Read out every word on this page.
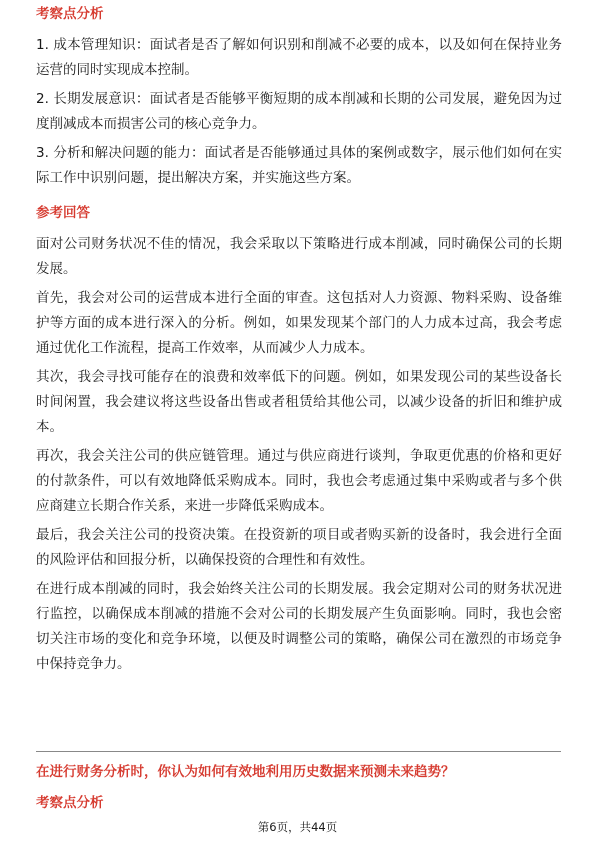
考察点分析

1. 成本管理知识：面试者是否了解如何识别和削减不必要的成本，以及如何在保持业务运营的同时实现成本控制。

2. 长期发展意识：面试者是否能够平衡短期的成本削减和长期的公司发展，避免因为过度削减成本而损害公司的核心竞争力。

3. 分析和解决问题的能力：面试者是否能够通过具体的案例或数字，展示他们如何在实际工作中识别问题，提出解决方案，并实施这些方案。

参考回答

面对公司财务状况不佳的情况，我会采取以下策略进行成本削减，同时确保公司的长期发展。

首先，我会对公司的运营成本进行全面的审查。这包括对人力资源、物料采购、设备维护等方面的成本进行深入的分析。例如，如果发现某个部门的人力成本过高，我会考虑通过优化工作流程，提高工作效率，从而减少人力成本。

其次，我会寻找可能存在的浪费和效率低下的问题。例如，如果发现公司的某些设备长时间闲置，我会建议将这些设备出售或者租赁给其他公司，以减少设备的折旧和维护成本。

再次，我会关注公司的供应链管理。通过与供应商进行谈判，争取更优惠的价格和更好的付款条件，可以有效地降低采购成本。同时，我也会考虑通过集中采购或者与多个供应商建立长期合作关系，来进一步降低采购成本。

最后，我会关注公司的投资决策。在投资新的项目或者购买新的设备时，我会进行全面的风险评估和回报分析，以确保投资的合理性和有效性。

在进行成本削减的同时，我会始终关注公司的长期发展。我会定期对公司的财务状况进行监控，以确保成本削减的措施不会对公司的长期发展产生负面影响。同时，我也会密切关注市场的变化和竞争环境，以便及时调整公司的策略，确保公司在激烈的市场竞争中保持竞争力。

在进行财务分析时，你认为如何有效地利用历史数据来预测未来趋势？
考察点分析
第6页，共44页
